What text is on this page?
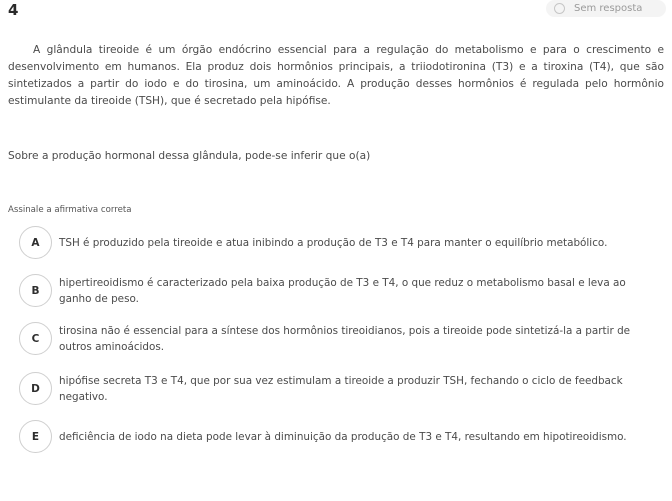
4	Sem resposta

A glândula tireoide é um órgão endócrino essencial para a regulação do metabolismo e para o crescimento e desenvolvimento em humanos. Ela produz dois hormônios principais, a triiodotironina (T3) e a tiroxina (T4), que são sintetizados a partir do iodo e do tirosina, um aminoácido. A produção desses hormônios é regulada pelo hormônio estimulante da tireoide (TSH), que é secretado pela hipófise.

Sobre a produção hormonal dessa glândula, pode-se inferir que o(a)

Assinale a afirmativa correta

A	TSH é produzido pela tireoide e atua inibindo a produção de T3 e T4 para manter o equilíbrio metabólico.
B
hipertireoidismo é caracterizado pela baixa produção de T3 e T4, o que reduz o metabolismo basal e leva ao ganho de peso.
C
tirosina não é essencial para a síntese dos hormônios tireoidianos, pois a tireoide pode sintetizá-la a partir de outros aminoácidos.
D
hipófise secreta T3 e T4, que por sua vez estimulam a tireoide a produzir TSH, fechando o ciclo de feedback negativo.
E	deficiência de iodo na dieta pode levar à diminuição da produção de T3 e T4, resultando em hipotireoidismo.
